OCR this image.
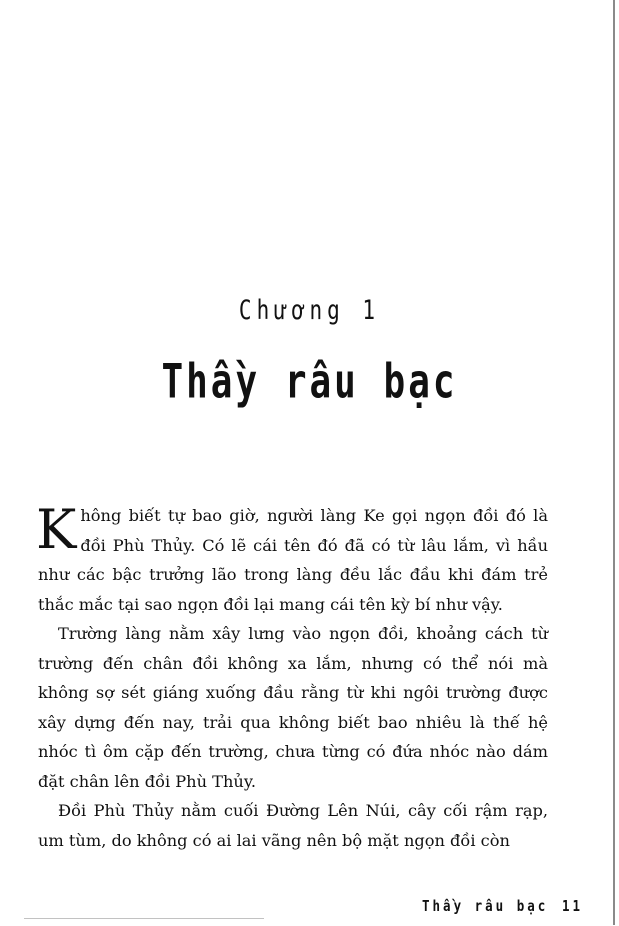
Chương 1
Thầy râu bạc

Không biết tự bao giờ, người làng Ke gọi ngọn đồi đó là đồi Phù Thủy. Có lẽ cái tên đó đã có từ lâu lắm, vì hầu như các bậc trưởng lão trong làng đều lắc đầu khi đám trẻ thắc mắc tại sao ngọn đồi lại mang cái tên kỳ bí như vậy.

Trường làng nằm xây lưng vào ngọn đồi, khoảng cách từ trường đến chân đồi không xa lắm, nhưng có thể nói mà không sợ sét giáng xuống đầu rằng từ khi ngôi trường được xây dựng đến nay, trải qua không biết bao nhiêu là thế hệ nhóc tì ôm cặp đến trường, chưa từng có đứa nhóc nào dám đặt chân lên đồi Phù Thủy.

Đồi Phù Thủy nằm cuối Đường Lên Núi, cây cối rậm rạp, um tùm, do không có ai lai vãng nên bộ mặt ngọn đồi còn

Thầy râu bạc 11
